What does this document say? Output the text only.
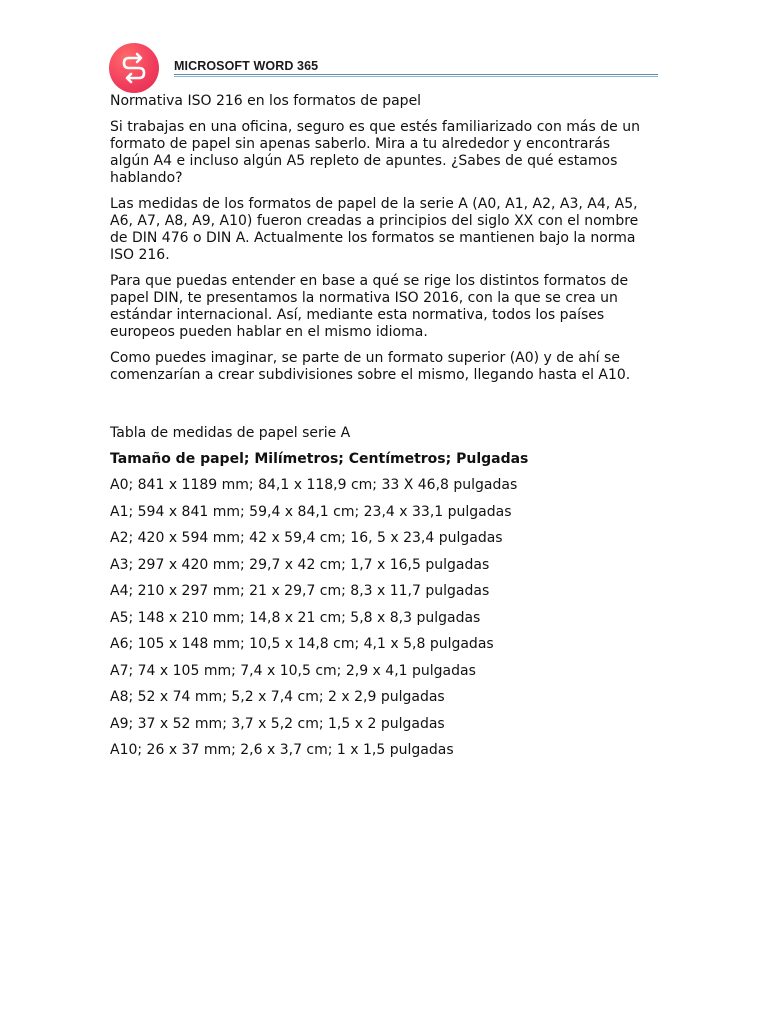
MICROSOFT WORD 365

Normativa ISO 216 en los formatos de papel

Si trabajas en una oficina, seguro es que estés familiarizado con más de un formato de papel sin apenas saberlo. Mira a tu alrededor y encontrarás algún A4 e incluso algún A5 repleto de apuntes. ¿Sabes de qué estamos hablando?

Las medidas de los formatos de papel de la serie A (A0, A1, A2, A3, A4, A5, A6, A7, A8, A9, A10) fueron creadas a principios del siglo XX con el nombre de DIN 476 o DIN A. Actualmente los formatos se mantienen bajo la norma ISO 216.

Para que puedas entender en base a qué se rige los distintos formatos de papel DIN, te presentamos la normativa ISO 2016, con la que se crea un estándar internacional. Así, mediante esta normativa, todos los países europeos pueden hablar en el mismo idioma.

Como puedes imaginar, se parte de un formato superior (A0) y de ahí se comenzarían a crear subdivisiones sobre el mismo, llegando hasta el A10.

Tabla de medidas de papel serie A

Tamaño de papel; Milímetros; Centímetros; Pulgadas

A0; 841 x 1189 mm; 84,1 x 118,9 cm; 33 X 46,8 pulgadas
A1; 594 x 841 mm; 59,4 x 84,1 cm; 23,4 x 33,1 pulgadas
A2; 420 x 594 mm; 42 x 59,4 cm; 16, 5 x 23,4 pulgadas
A3; 297 x 420 mm; 29,7 x 42 cm; 1,7 x 16,5 pulgadas
A4; 210 x 297 mm; 21 x 29,7 cm; 8,3 x 11,7 pulgadas
A5; 148 x 210 mm; 14,8 x 21 cm; 5,8 x 8,3 pulgadas
A6; 105 x 148 mm; 10,5 x 14,8 cm; 4,1 x 5,8 pulgadas
A7; 74 x 105 mm; 7,4 x 10,5 cm; 2,9 x 4,1 pulgadas
A8; 52 x 74 mm; 5,2 x 7,4 cm; 2 x 2,9 pulgadas
A9; 37 x 52 mm; 3,7 x 5,2 cm; 1,5 x 2 pulgadas
A10; 26 x 37 mm; 2,6 x 3,7 cm; 1 x 1,5 pulgadas
